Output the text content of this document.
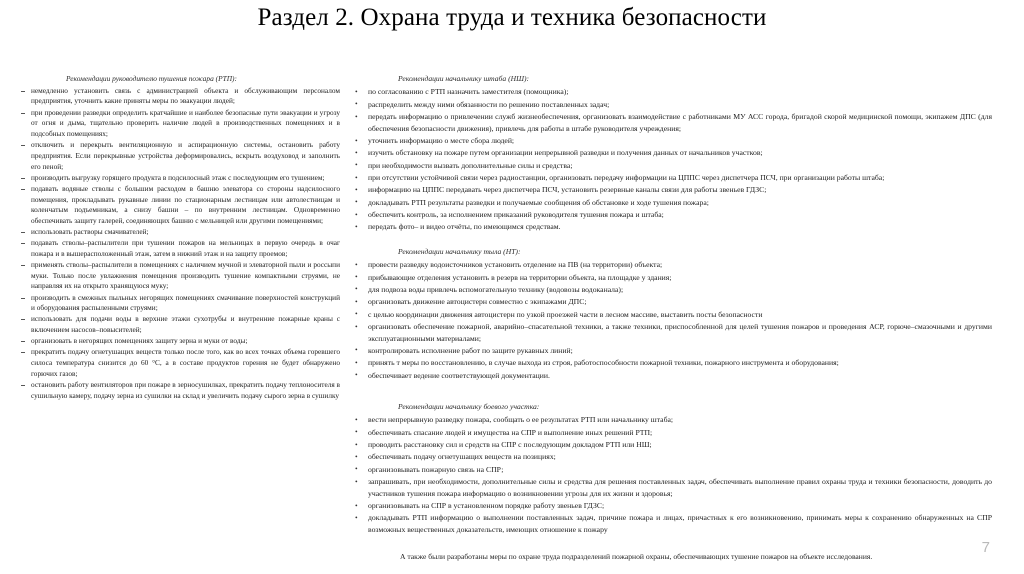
Раздел 2. Охрана труда и техника безопасности
Рекомендации руководителю тушения пожара (РТП):
немедленно установить связь с администрацией объекта и обслуживающим персоналом предприятия, уточнить какие приняты меры по эвакуации людей;
при проведении разведки определить кратчайшие и наиболее безопасные пути эвакуации и угрозу от огня и дыма, тщательно проверить наличие людей в производственных помещениях и в подсобных помещениях;
отключить и перекрыть вентиляционную и аспирационную системы, остановить работу предприятия. Если перекрывные устройства деформировались, вскрыть воздуховод и заполнить его пеной;
производить выгрузку горящего продукта в подсилосный этаж с последующим его тушением;
подавать водяные стволы с большим расходом в башню элеватора со стороны надсилосного помещения, прокладывать рукавные линии по стационарным лестницам или автолестницам и коленчатым подъемникам, а снизу башни – по внутренним лестницам. Одновременно обеспечивать защиту галерей, соединяющих башню с мельницей или другими помещениями;
использовать растворы смачивателей;
подавать стволы–распылители при тушении пожаров на мельницах в первую очередь в очаг пожара и в вышерасположенный этаж, затем в нижний этаж и на защиту проемов;
применять стволы–распылители в помещениях с наличием мучной и элеваторной пыли и россыпи муки. Только после увлажнения помещения производить тушение компактными струями, не направляя их на открыто хранящуюся муку;
производить в смежных пыльных негорящих помещениях смачивание поверхностей конструкций и оборудования распыленными струями;
использовать для подачи воды в верхние этажи сухотрубы и внутренние пожарные краны с включением насосов–повысителей;
организовать в негорящих помещениях защиту зерна и муки от воды;
прекратить подачу огнетушащих веществ только после того, как во всех точках объема горевшего силоса температура снизится до 60 °С, а в составе продуктов горения не будет обнаружено горючих газов;
остановить работу вентиляторов при пожаре в зерносушилках, прекратить подачу теплоносителя в сушильную камеру, подачу зерна из сушилки на склад и увеличить подачу сырого зерна в сушилку
Рекомендации начальнику штаба (НШ):
• по согласованию с РТП назначить заместителя (помощника);
• распределить между ними обязанности по решению поставленных задач;
• передать информацию о привлечении служб жизнеобеспечения, организовать взаимодействие с работниками МУ АСС города, бригадой скорой медицинской помощи, экипажем ДПС (для обеспечения безопасности движения), привлечь для работы в штабе руководителя учреждения;
• уточнить информацию о месте сбора людей;
• изучить обстановку на пожаре путем организации непрерывной разведки и получения данных от начальников участков;
• при необходимости вызвать дополнительные силы и средства;
• при отсутствии устойчивой связи через радиостанции, организовать передачу информации на ЦППС через диспетчера ПСЧ, при организации работы штаба;
• информацию на ЦППС передавать через диспетчера ПСЧ, установить резервные каналы связи для работы звеньев ГДЗС;
• докладывать РТП результаты разведки и получаемые сообщения об обстановке и ходе тушения пожара;
• обеспечить контроль, за исполнением приказаний руководителя тушения пожара и штаба;
• передать фото– и видео отчёты, по имеющимся средствам.
Рекомендации начальнику тыла (НТ):
• провести разведку водоисточников установить отделение на ПВ (на территории) объекта;
• прибывающие отделения установить в резерв на территории объекта, на площадке у здания;
• для подвоза воды привлечь вспомогательную технику (водовозы водоканала);
• организовать движение автоцистерн совместно с экипажами ДПС;
• с целью координации движения автоцистерн по узкой проезжей части в лесном массиве, выставить посты безопасности
• организовать обеспечение пожарной, аварийно–спасательной техники, а также техники, приспособленной для целей тушения пожаров и проведения АСР, горюче–смазочными и другими эксплуатационными материалами;
• контролировать исполнение работ по защите рукавных линий;
• принять т меры по восстановлению, в случае выхода из строя, работоспособности пожарной техники, пожарного инструмента и оборудования;
• обеспечивает ведение соответствующей документации.
Рекомендации начальнику боевого участка:
• вести непрерывную разведку пожара, сообщать о ее результатах РТП или начальнику штаба;
• обеспечивать спасание людей и имущества на СПР и выполнение иных решений РТП;
• проводить расстановку сил и средств на СПР с последующим докладом РТП или НШ;
• обеспечивать подачу огнетушащих веществ на позициях;
• организовывать пожарную связь на СПР;
• запрашивать, при необходимости, дополнительные силы и средства для решения поставленных задач, обеспечивать выполнение правил охраны труда и техники безопасности, доводить до участников тушения пожара информацию о возникновении угрозы для их жизни и здоровья;
• организовывать на СПР в установленном порядке работу звеньев ГДЗС;
• докладывать РТП информацию о выполнении поставленных задач, причине пожара и лицах, причастных к его возникновению, принимать меры к сохранению обнаруженных на СПР возможных вещественных доказательств, имеющих отношение к пожару
А также были разработаны меры по охране труда подразделений пожарной охраны, обеспечивающих тушение пожаров на объекте исследования.
7
